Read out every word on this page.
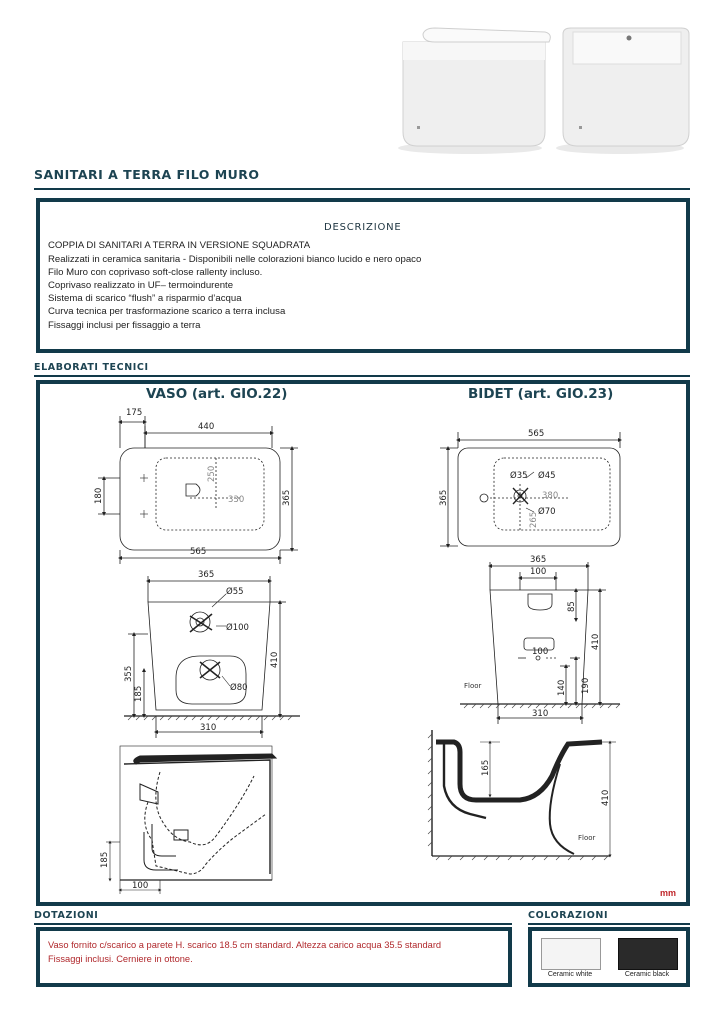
SANITARI A TERRA FILO MURO
DESCRIZIONE
COPPIA DI SANITARI A TERRA IN VERSIONE SQUADRATA
Realizzati in ceramica sanitaria - Disponibili nelle colorazioni bianco lucido e nero opaco
Filo Muro con coprivaso soft-close rallenty incluso.
Coprivaso realizzato in UF– termoindurente
Sistema di scarico “flush” a risparmio d’acqua
Curva tecnica per trasformazione scarico a terra inclusa
Fissaggi inclusi per fissaggio a terra
ELABORATI TECNICI
VASO (art. GIO.22)	BIDET (art. GIO.23)
175
440
565
330
250
365
180
365
Ø55
Ø100
Ø80
355
185
410
310
185
100
565
Ø35 Ø45
380
Ø70
265
365
365
100
85
410
100
140 190
Floor
310
165
410
Floor
mm
DOTAZIONI
Vaso fornito c/scarico a parete H. scarico 18.5 cm standard. Altezza carico acqua 35.5 standard
Fissaggi inclusi. Cerniere in ottone.
COLORAZIONI
Ceramic white	Ceramic black
